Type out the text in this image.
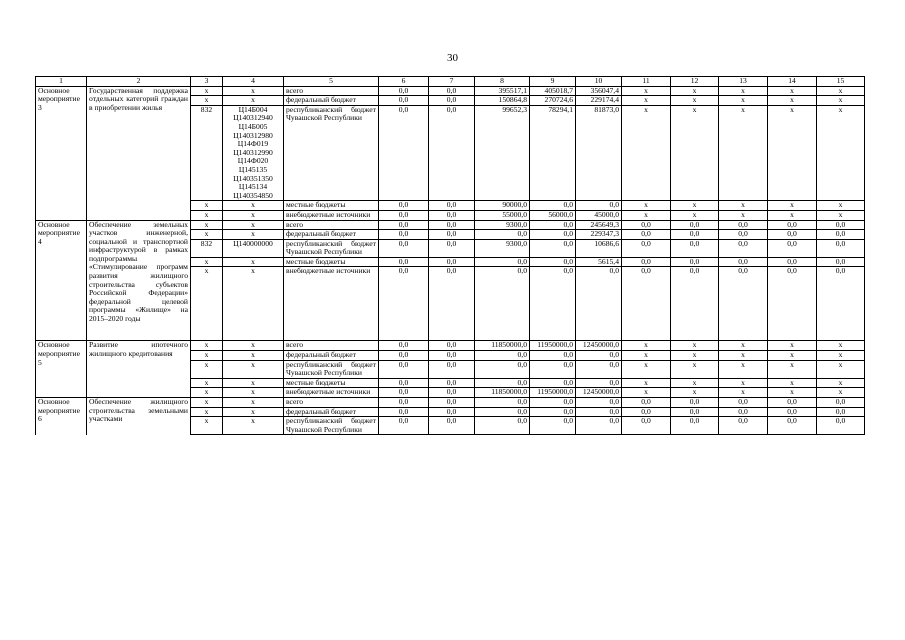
30
1	2	3	4	5	6	7	8	9	10	11	12	13	14	15
Основное мероприятие 3	Государственная поддержка отдельных категорий граждан в приобретении жилья	х	х	всего	0,0	0,0	395517,1	405018,7	356047,4	х	х	х	х	х
		х	х	федеральный бюджет	0,0	0,0	150864,8	270724,6	229174,4	х	х	х	х	х
		832	Ц14Б004 Ц140312940 Ц14Б005 Ц140312980 Ц14Ф019 Ц140312990 Ц14Ф020 Ц145135 Ц140351350 Ц145134 Ц140354850	республиканский бюджет Чувашской Республики	0,0	0,0	99652,3	78294,1	81873,0	х	х	х	х	х
		х	х	местные бюджеты	0,0	0,0	90000,0	0,0	0,0	х	х	х	х	х
		х	х	внебюджетные источники	0,0	0,0	55000,0	56000,0	45000,0	х	х	х	х	х
Основное мероприятие 4	Обеспечение земельных участков инженерной, социальной и транспортной инфраструктурой в рамках подпрограммы «Стимулирование программ развития жилищного строительства субъектов Российской Федерации» федеральной целевой программы «Жилище» на 2015–2020 годы	х	х	всего	0,0	0,0	9300,0	0,0	245649,3	0,0	0,0	0,0	0,0	0,0
		х	х	федеральный бюджет	0,0	0,0	0,0	0,0	229347,3	0,0	0,0	0,0	0,0	0,0
		832	Ц140000000	республиканский бюджет Чувашской Республики	0,0	0,0	9300,0	0,0	10686,6	0,0	0,0	0,0	0,0	0,0
		х	х	местные бюджеты	0,0	0,0	0,0	0,0	5615,4	0,0	0,0	0,0	0,0	0,0
		х	х	внебюджетные источники	0,0	0,0	0,0	0,0	0,0	0,0	0,0	0,0	0,0	0,0
Основное мероприятие 5	Развитие ипотечного жилищного кредитования	х	х	всего	0,0	0,0	11850000,0	11950000,0	12450000,0	х	х	х	х	х
		х	х	федеральный бюджет	0,0	0,0	0,0	0,0	0,0	х	х	х	х	х
		х	х	республиканский бюджет Чувашской Республики	0,0	0,0	0,0	0,0	0,0	х	х	х	х	х
		х	х	местные бюджеты	0,0	0,0	0,0	0,0	0,0	х	х	х	х	х
		х	х	внебюджетные источники	0,0	0,0	11850000,0	11950000,0	12450000,0	х	х	х	х	х
Основное мероприятие 6	Обеспечение жилищного строительства земельными участками	х	х	всего	0,0	0,0	0,0	0,0	0,0	0,0	0,0	0,0	0,0	0,0
		х	х	федеральный бюджет	0,0	0,0	0,0	0,0	0,0	0,0	0,0	0,0	0,0	0,0
		х	х	республиканский бюджет Чувашской Республики	0,0	0,0	0,0	0,0	0,0	0,0	0,0	0,0	0,0	0,0
